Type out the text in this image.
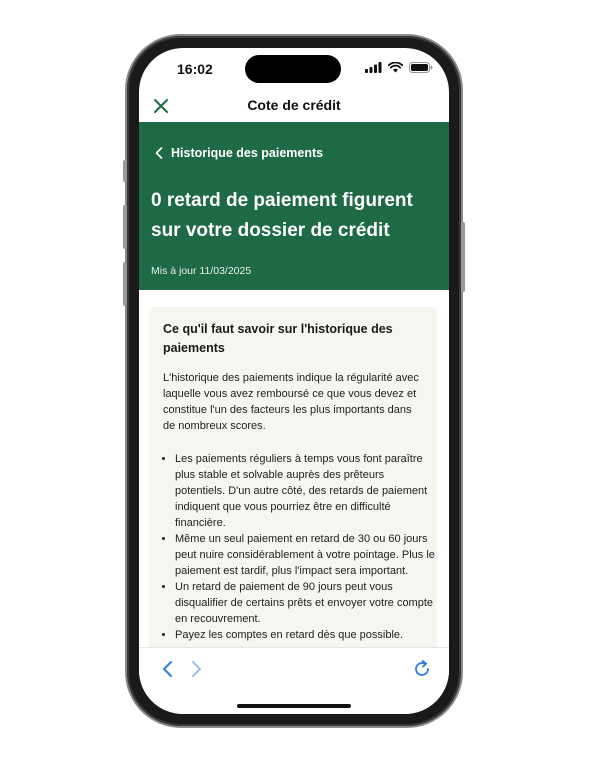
16:02
Cote de crédit
Historique des paiements
0 retard de paiement figurent sur votre dossier de crédit
Mis à jour 11/03/2025
Ce qu'il faut savoir sur l'historique des paiements
L'historique des paiements indique la régularité avec laquelle vous avez remboursé ce que vous devez et constitue l'un des facteurs les plus importants dans de nombreux scores.
• Les paiements réguliers à temps vous font paraître plus stable et solvable auprès des prêteurs potentiels. D'un autre côté, des retards de paiement indiquent que vous pourriez être en difficulté financière.
• Même un seul paiement en retard de 30 ou 60 jours peut nuire considérablement à votre pointage. Plus le paiement est tardif, plus l'impact sera important.
• Un retard de paiement de 90 jours peut vous disqualifier de certains prêts et envoyer votre compte en recouvrement.
• Payez les comptes en retard dès que possible.
